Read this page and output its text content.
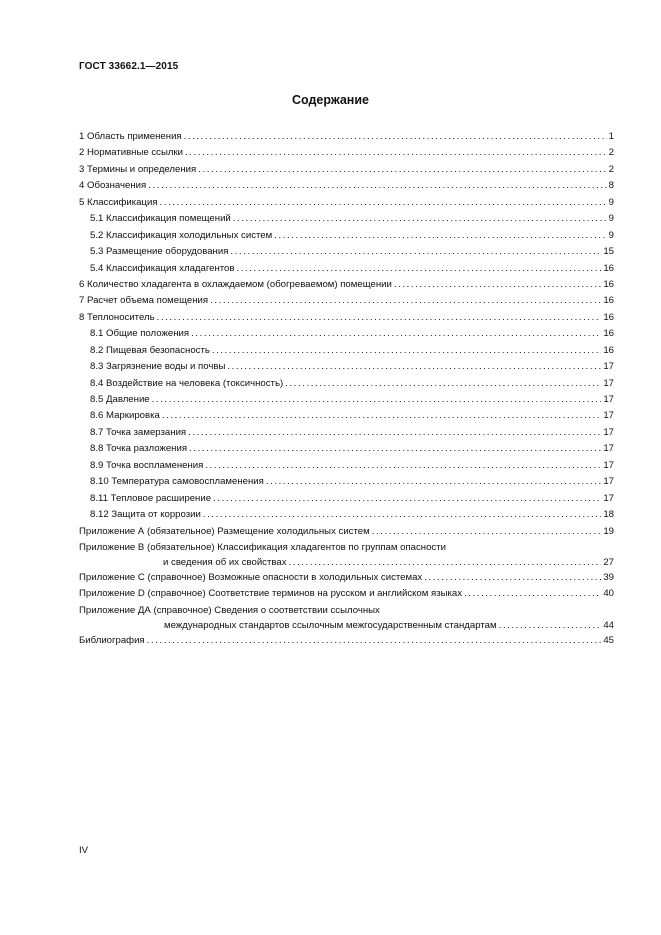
ГОСТ 33662.1—2015
Содержание
1 Область применения .....	1
2 Нормативные ссылки .....	2
3 Термины и определения .....	2
4 Обозначения .....	8
5 Классификация .....	9
5.1 Классификация помещений .....	9
5.2 Классификация холодильных систем .....	9
5.3 Размещение оборудования .....	15
5.4 Классификация хладагентов .....	16
6 Количество хладагента в охлаждаемом (обогреваемом) помещении .....	16
7 Расчет объема помещения .....	16
8 Теплоноситель .....	16
8.1 Общие положения .....	16
8.2 Пищевая безопасность .....	16
8.3 Загрязнение воды и почвы .....	17
8.4 Воздействие на человека (токсичность) .....	17
8.5 Давление .....	17
8.6 Маркировка .....	17
8.7 Точка замерзания .....	17
8.8 Точка разложения .....	17
8.9 Точка воспламенения .....	17
8.10 Температура самовоспламенения .....	17
8.11 Тепловое расширение .....	17
8.12 Защита от коррозии .....	18
Приложение А (обязательное) Размещение холодильных систем .....	19
Приложение В (обязательное) Классификация хладагентов по группам опасности
и сведения об их свойствах .....	27
Приложение С (справочное) Возможные опасности в холодильных системах .....	39
Приложение D (справочное) Соответствие терминов на русском и английском языках .....	40
Приложение ДА (справочное) Сведения о соответствии ссылочных
международных стандартов ссылочным межгосударственным стандартам .....	44
Библиография .....	45
IV
